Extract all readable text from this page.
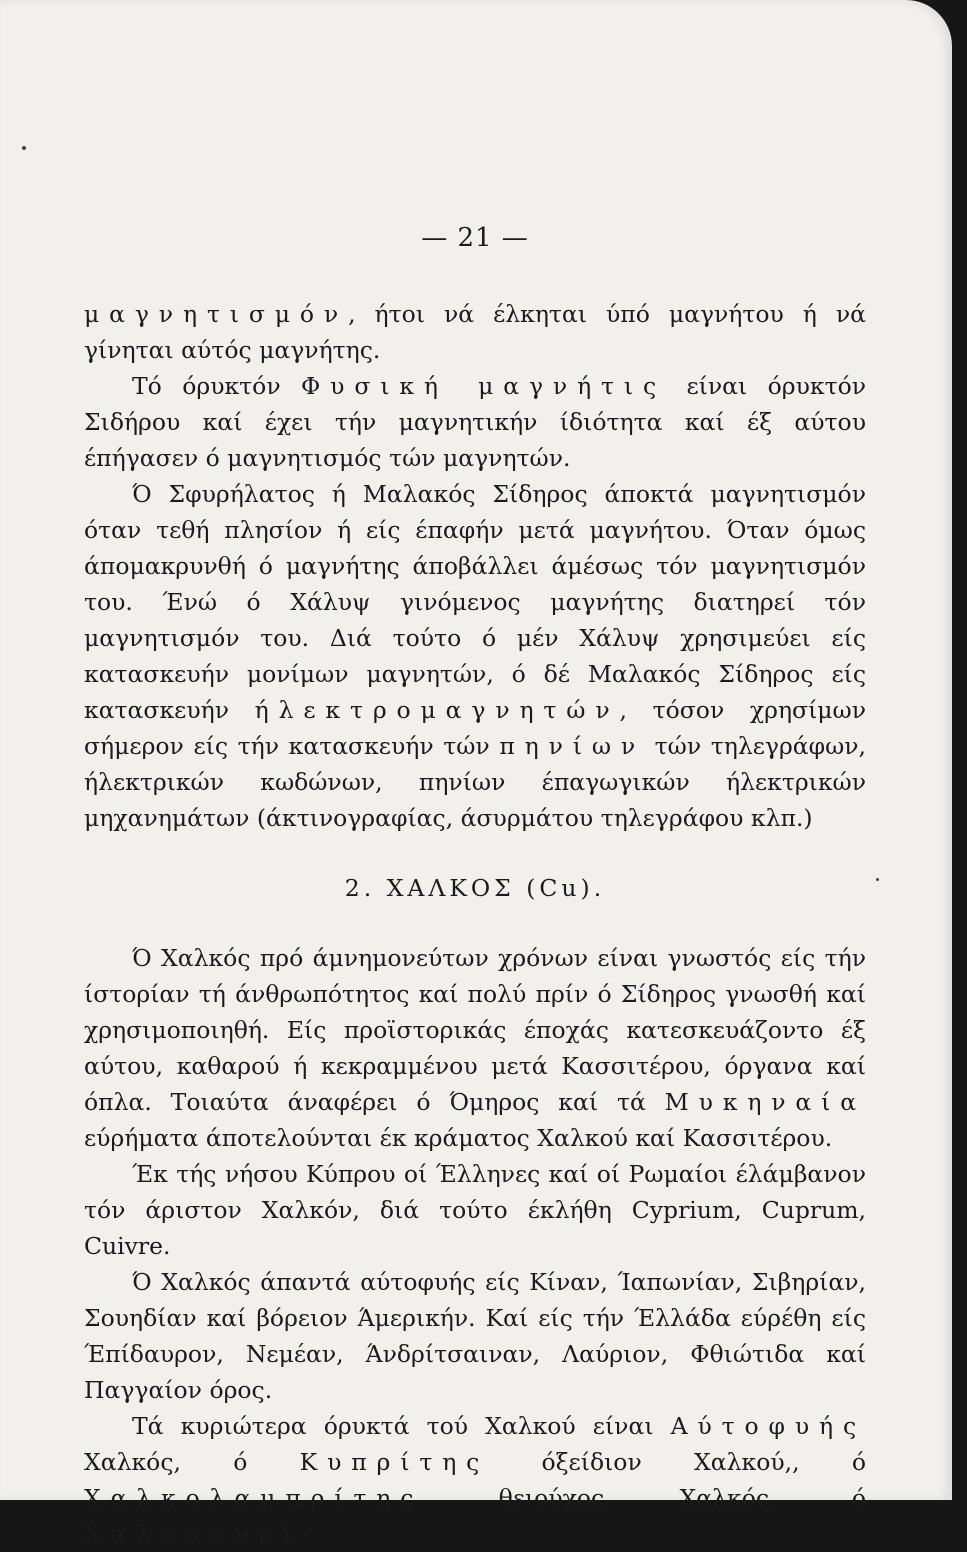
— 21 —

μαγνητισμόν, ήτοι νά έλκηται ύπό μαγνήτου ή νά γίνηται αύτός μαγνήτης.

Τό όρυκτόν Φυσική μαγνήτις είναι όρυκτόν Σιδήρου καί έχει τήν μαγνητικήν ίδιότητα καί έξ αύτου έπήγασεν ό μαγνητισμός τών μαγνητών.

Ό Σφυρήλατος ή Μαλακός Σίδηρος άποκτά μαγνητισμόν όταν τεθή πλησίον ή είς έπαφήν μετά μαγνήτου. Όταν όμως άπομακρυνθή ό μαγνήτης άποβάλλει άμέσως τόν μαγνητισμόν του. Ένώ ό Χάλυψ γινόμενος μαγνήτης διατηρεί τόν μαγνητισμόν του. Διά τούτο ό μέν Χάλυψ χρησιμεύει είς κατασκευήν μονίμων μαγνητών, ό δέ Μαλακός Σίδηρος είς κατασκευήν ήλεκτρομαγνητών, τόσον χρησίμων σήμερον είς τήν κατασκευήν τών πηνίων τών τηλεγράφων, ήλεκτρικών κωδώνων, πηνίων έπαγωγικών ήλεκτρικών μηχανημάτων (άκτινογραφίας, άσυρμάτου τηλεγράφου κλπ.)

2. ΧΑΛΚΟΣ (Cu).

Ό Χαλκός πρό άμνημονεύτων χρόνων είναι γνωστός είς τήν ίστορίαν τή άνθρωπότητος καί πολύ πρίν ό Σίδηρος γνωσθή καί χρησιμοποιηθή. Είς προϊστορικάς έποχάς κατεσκευάζοντο έξ αύτου, καθαρού ή κεκραμμένου μετά Κασσιτέρου, όργανα καί όπλα. Τοιαύτα άναφέρει ό Όμηρος καί τά Μυκηναία εύρήματα άποτελούνται έκ κράματος Χαλκού καί Κασσιτέρου.

Έκ τής νήσου Κύπρου οί Έλληνες καί οί Ρωμαίοι έλάμβανον τόν άριστον Χαλκόν, διά τούτο έκλήθη Cyprium, Cuprum, Cuivre.

Ό Χαλκός άπαντά αύτοφυής είς Κίναν, Ίαπωνίαν, Σιβηρίαν, Σουηδίαν καί βόρειον Άμερικήν. Καί είς τήν Έλλάδα εύρέθη είς Έπίδαυρον, Νεμέαν, Άνδρίτσαιναν, Λαύριον, Φθιώτιδα καί Παγγαίον όρος.

Τά κυριώτερα όρυκτά τού Χαλκού είναι Αύτοφυής Χαλκός, ό Κυπρίτης όξείδιον Χαλκού,, ό Χαλκολαμπρίτης θειούχος Χαλκός, ό Χαλκοπυρί-
